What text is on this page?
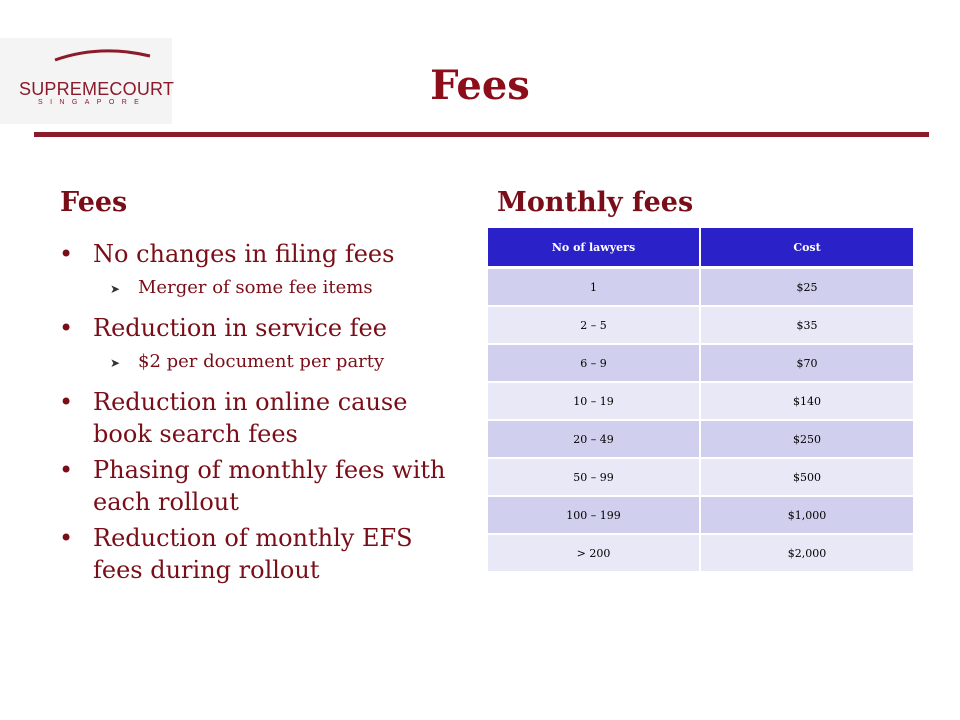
SUPREMECOURT
SINGAPORE	Fees
Fees	Monthly fees
• No changes in filing fees
➤ Merger of some fee items
• Reduction in service fee
➤ $2 per document per party
• Reduction in online cause book search fees
• Phasing of monthly fees with each rollout
• Reduction of monthly EFS fees during rollout
No of lawyers	Cost
1	$25
2 – 5	$35
6 – 9	$70
10 – 19	$140
20 – 49	$250
50 – 99	$500
100 – 199	$1,000
> 200	$2,000
